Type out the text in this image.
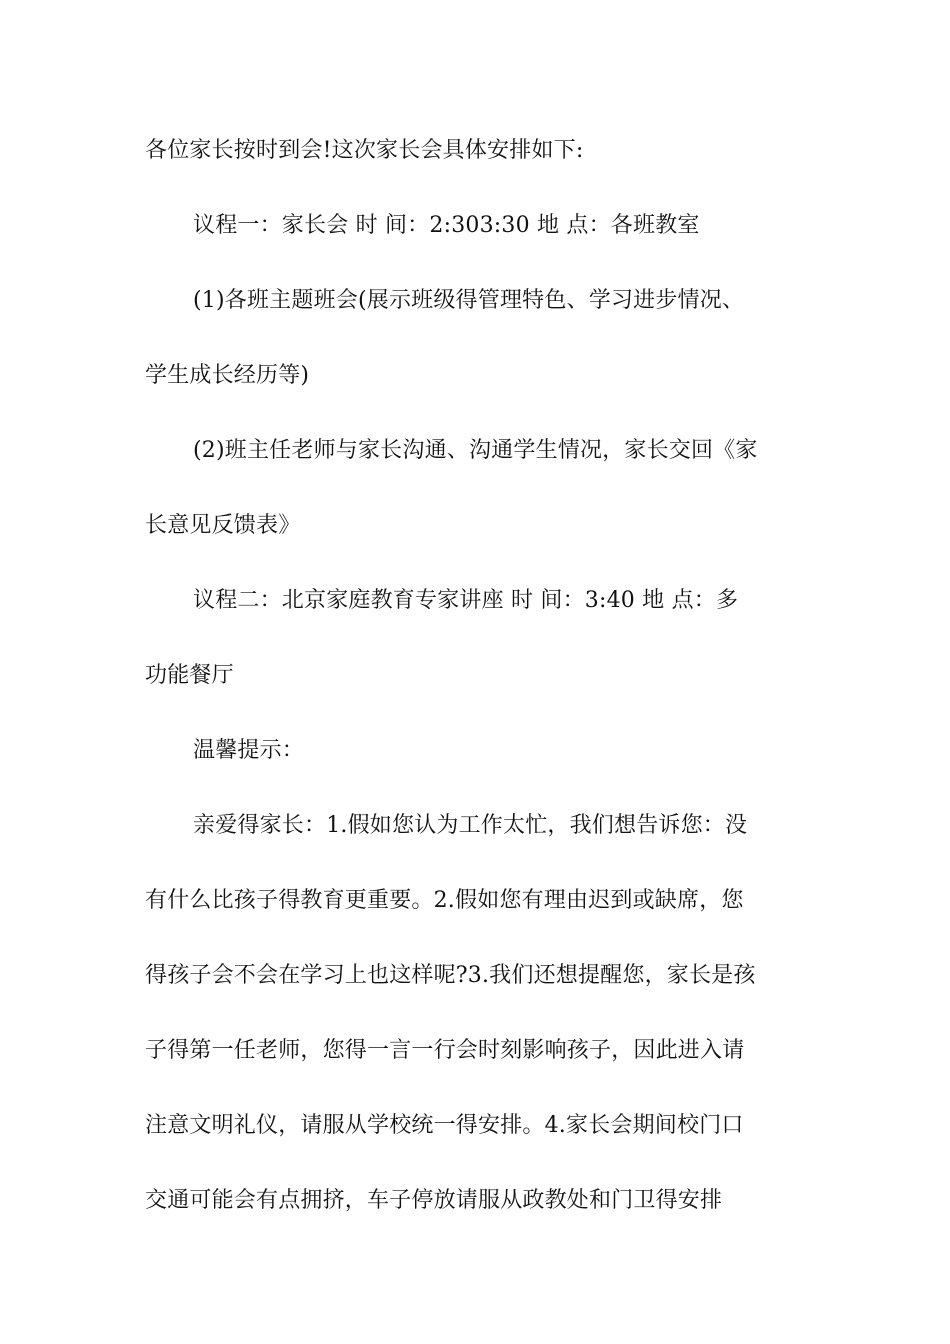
各位家长按时到会!这次家长会具体安排如下:
议程一：家长会 时 间：2:303:30 地 点：各班教室
(1)各班主题班会(展示班级得管理特色、学习进步情况、
学生成长经历等)
(2)班主任老师与家长沟通、沟通学生情况，家长交回《家
长意见反馈表》
议程二：北京家庭教育专家讲座 时 间：3:40 地 点：多
功能餐厅
温馨提示：
亲爱得家长：1.假如您认为工作太忙，我们想告诉您：没
有什么比孩子得教育更重要。2.假如您有理由迟到或缺席，您
得孩子会不会在学习上也这样呢?3.我们还想提醒您，家长是孩
子得第一任老师，您得一言一行会时刻影响孩子，因此进入请
注意文明礼仪，请服从学校统一得安排。4.家长会期间校门口
交通可能会有点拥挤，车子停放请服从政教处和门卫得安排
